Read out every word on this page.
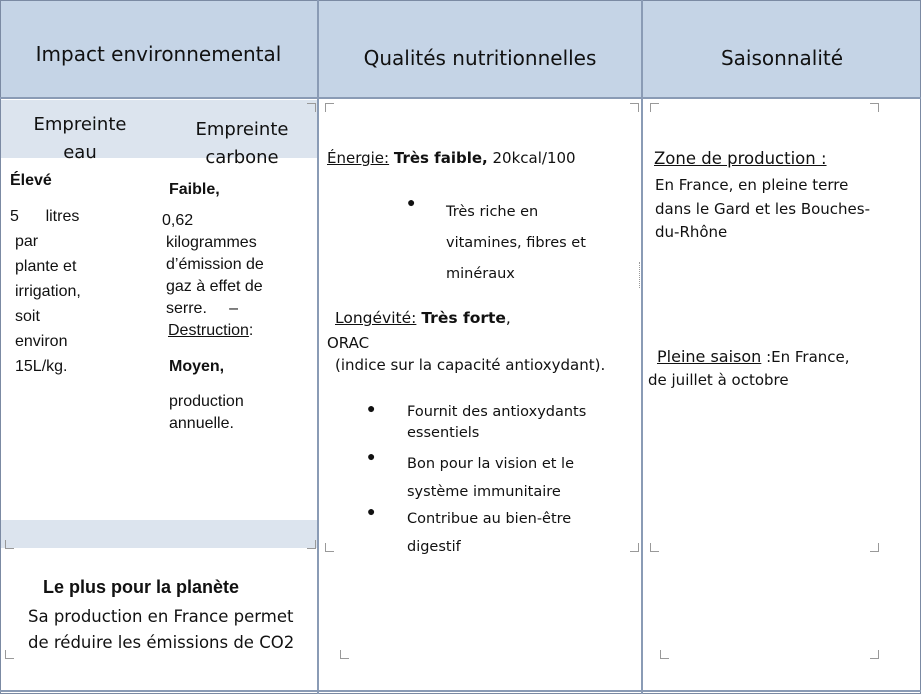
Impact environnemental	Qualités nutritionnelles	Saisonnalité
Empreinte
eau
Empreinte
carbone
Élevé
5      litres
par
plante et
irrigation,
soit
environ
15L/kg.
Faible,
0,62
kilogrammes
d’émission de
gaz à effet de
serre.     –
Destruction:
Moyen,
production
annuelle.
Le plus pour la planète
Sa production en France permet
de réduire les émissions de CO2
Énergie: Très faible, 20kcal/100
●
Très riche en
vitamines, fibres et
minéraux
Longévité: Très forte,
ORAC
(indice sur la capacité antioxydant).
● Fournit des antioxydants
essentiels
● Bon pour la vision et le
système immunitaire
● Contribue au bien-être
digestif
Zone de production :
En France, en pleine terre
dans le Gard et les Bouches-
du-Rhône
Pleine saison :En France,
de juillet à octobre
